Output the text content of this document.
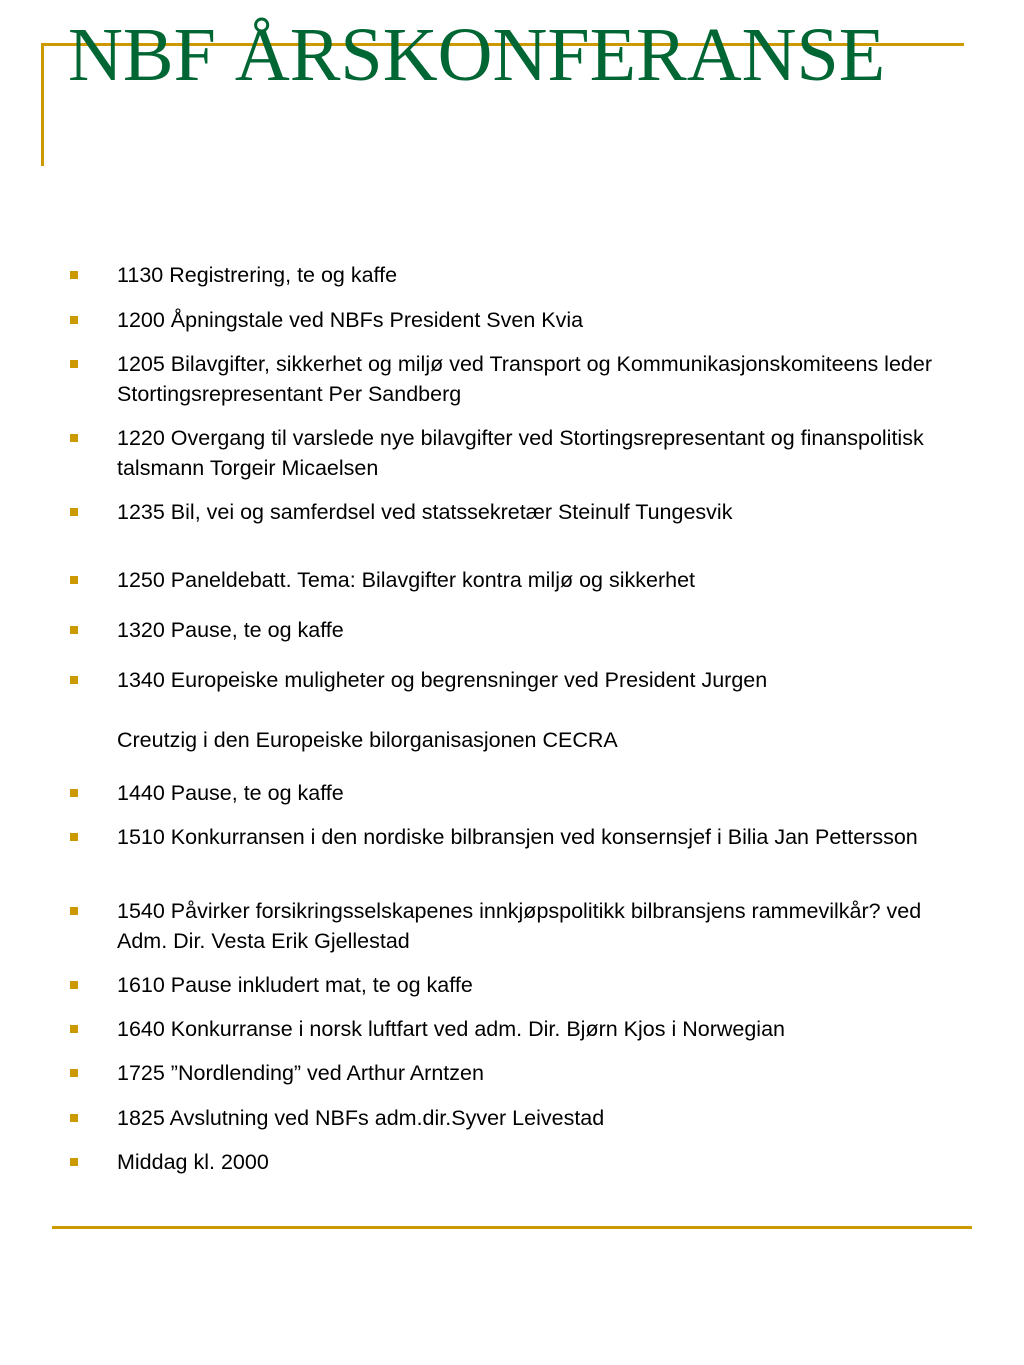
NBF ÅRSKONFERANSE
1130 Registrering, te og kaffe
1200 Åpningstale ved NBFs President Sven Kvia
1205 Bilavgifter, sikkerhet og miljø ved Transport og Kommunikasjonskomiteens leder Stortingsrepresentant Per Sandberg
1220 Overgang til varslede nye bilavgifter ved Stortingsrepresentant og finanspolitisk talsmann Torgeir Micaelsen
1235 Bil, vei og samferdsel ved statssekretær Steinulf Tungesvik
1250 Paneldebatt. Tema: Bilavgifter kontra miljø og sikkerhet
1320 Pause, te og kaffe
1340 Europeiske muligheter og begrensninger ved President Jurgen
Creutzig i den Europeiske bilorganisasjonen CECRA
1440 Pause, te og kaffe
1510 Konkurransen i den nordiske bilbransjen ved konsernsjef i Bilia Jan Pettersson
1540 Påvirker forsikringsselskapenes innkjøpspolitikk bilbransjens rammevilkår? ved Adm. Dir. Vesta Erik Gjellestad
1610 Pause inkludert mat, te og kaffe
1640 Konkurranse i norsk luftfart ved adm. Dir. Bjørn Kjos i Norwegian
1725 ”Nordlending” ved Arthur Arntzen
1825 Avslutning ved NBFs adm.dir.Syver Leivestad
Middag kl. 2000
